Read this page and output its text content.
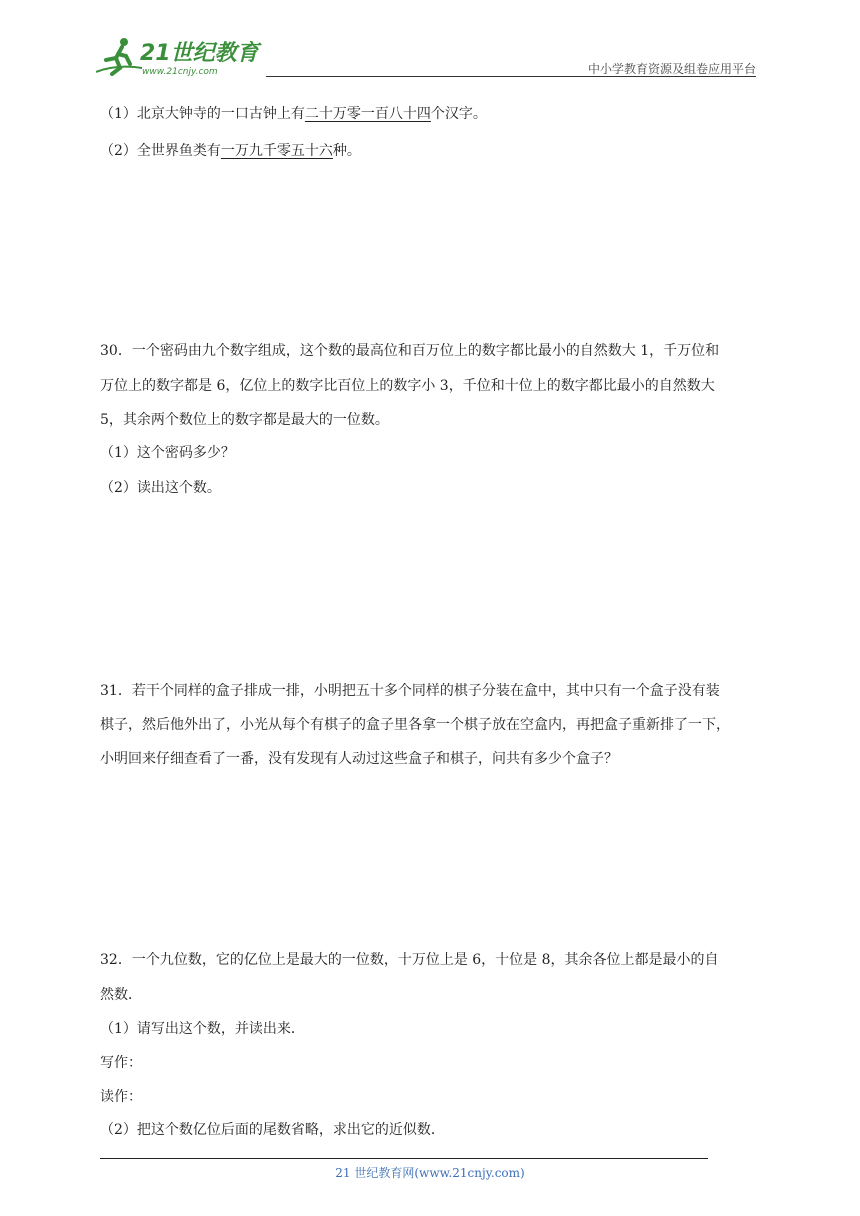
21世纪教育
www.21cnjy.com	中小学教育资源及组卷应用平台
（1）北京大钟寺的一口古钟上有二十万零一百八十四个汉字。
（2）全世界鱼类有一万九千零五十六种。
30．一个密码由九个数字组成，这个数的最高位和百万位上的数字都比最小的自然数大 1，千万位和
万位上的数字都是 6，亿位上的数字比百位上的数字小 3，千位和十位上的数字都比最小的自然数大
5，其余两个数位上的数字都是最大的一位数。
（1）这个密码多少？
（2）读出这个数。
31．若干个同样的盒子排成一排，小明把五十多个同样的棋子分装在盒中，其中只有一个盒子没有装
棋子，然后他外出了，小光从每个有棋子的盒子里各拿一个棋子放在空盒内，再把盒子重新排了一下，
小明回来仔细查看了一番，没有发现有人动过这些盒子和棋子，问共有多少个盒子？
32．一个九位数，它的亿位上是最大的一位数，十万位上是 6，十位是 8，其余各位上都是最小的自
然数．
（1）请写出这个数，并读出来．
写作：
读作：
（2）把这个数亿位后面的尾数省略，求出它的近似数．
21 世纪教育网(www.21cnjy.com)
